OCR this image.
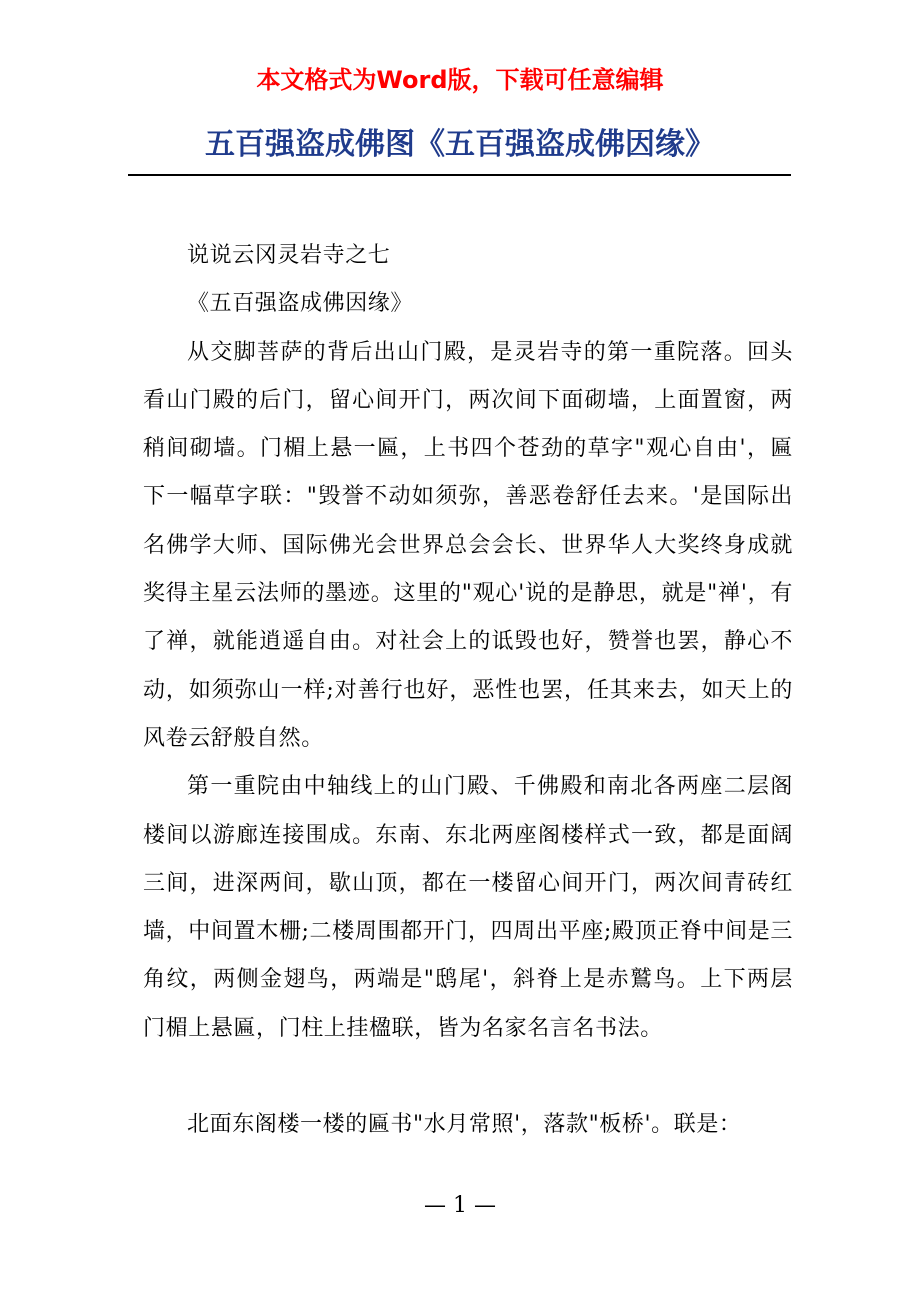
本文格式为Word版，下载可任意编辑
五百强盗成佛图《五百强盗成佛因缘》

说说云冈灵岩寺之七

《五百强盗成佛因缘》

从交脚菩萨的背后出山门殿，是灵岩寺的第一重院落。回头看山门殿的后门，留心间开门，两次间下面砌墙，上面置窗，两稍间砌墙。门楣上悬一匾，上书四个苍劲的草字"观心自由'，匾下一幅草字联："毁誉不动如须弥，善恶卷舒任去来。'是国际出名佛学大师、国际佛光会世界总会会长、世界华人大奖终身成就奖得主星云法师的墨迹。这里的"观心'说的是静思，就是"禅'，有了禅，就能逍遥自由。对社会上的诋毁也好，赞誉也罢，静心不动，如须弥山一样;对善行也好，恶性也罢，任其来去，如天上的风卷云舒般自然。

第一重院由中轴线上的山门殿、千佛殿和南北各两座二层阁楼间以游廊连接围成。东南、东北两座阁楼样式一致，都是面阔三间，进深两间，歇山顶，都在一楼留心间开门，两次间青砖红墙，中间置木栅;二楼周围都开门，四周出平座;殿顶正脊中间是三角纹，两侧金翅鸟，两端是"鸱尾'，斜脊上是赤鷲鸟。上下两层门楣上悬匾，门柱上挂楹联，皆为名家名言名书法。

北面东阁楼一楼的匾书"水月常照'，落款"板桥'。联是：

— 1 —
